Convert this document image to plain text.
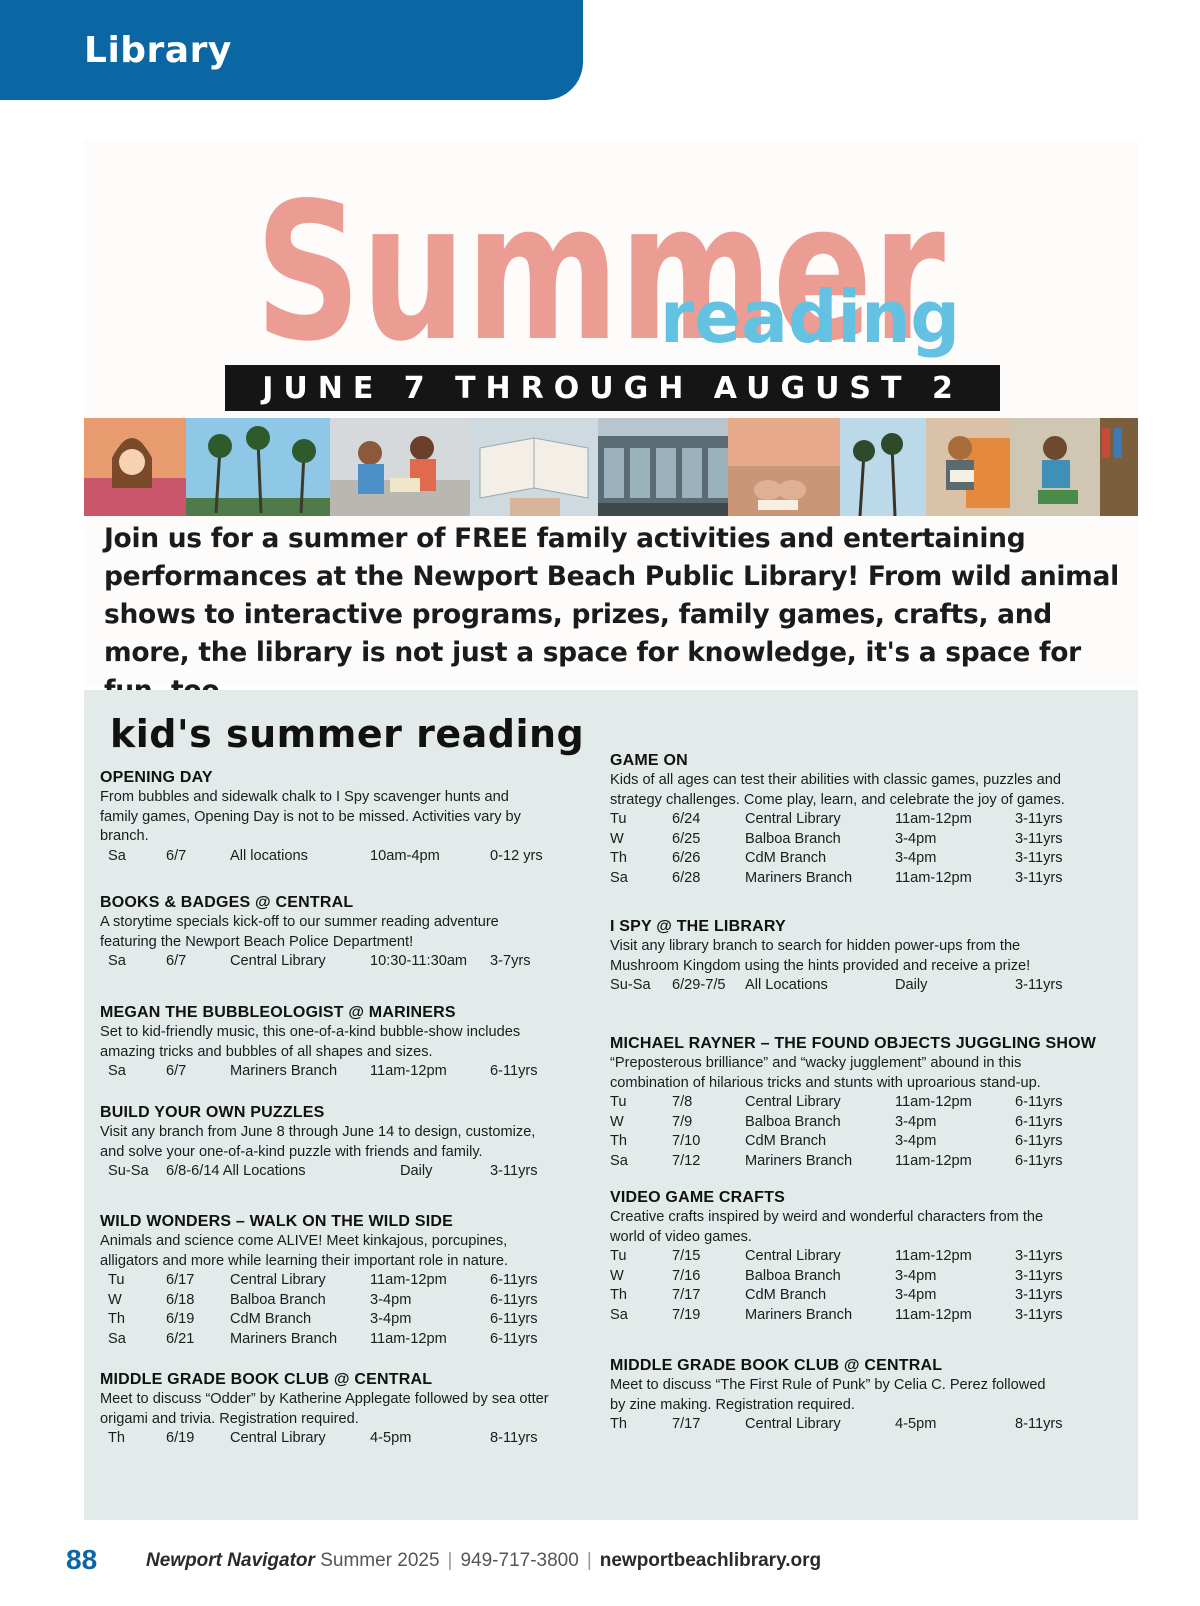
Library
Summer
reading
JUNE 7 THROUGH AUGUST 2
Join us for a summer of FREE family activities and entertaining performances at the Newport Beach Public Library! From wild animal shows to interactive programs, prizes, family games, crafts, and more, the library is not just a space for knowledge, it's a space for
kid's summer reading
OPENING DAY
From bubbles and sidewalk chalk to I Spy scavenger hunts and
family games, Opening Day is not to be missed. Activities vary by
branch.
Sa	6/7	All locations	10am-4pm	0-12 yrs
BOOKS & BADGES @ CENTRAL
A storytime specials kick-off to our summer reading adventure
featuring the Newport Beach Police Department!
Sa	6/7	Central Library	10:30-11:30am 3-7yrs
MEGAN THE BUBBLEOLOGIST @ MARINERS
Set to kid-friendly music, this one-of-a-kind bubble-show includes
amazing tricks and bubbles of all shapes and sizes.
Sa	6/7	Mariners Branch 11am-12pm	6-11yrs
BUILD YOUR OWN PUZZLES
Visit any branch from June 8 through June 14 to design, customize,
and solve your one-of-a-kind puzzle with friends and family.
Su-Sa 6/8-6/14 All Locations	Daily	3-11yrs
WILD WONDERS – WALK ON THE WILD SIDE
Animals and science come ALIVE! Meet kinkajous, porcupines,
alligators and more while learning their important role in nature.
Tu	6/17 Central Library	11am-12pm	6-11yrs
W	6/18 Balboa Branch	3-4pm	6-11yrs
Th	6/19 CdM Branch	3-4pm	6-11yrs
Sa	6/21 Mariners Branch 11am-12pm	6-11yrs
MIDDLE GRADE BOOK CLUB @ CENTRAL
Meet to discuss “Odder” by Katherine Applegate followed by sea otter
origami and trivia. Registration required.
Th	6/19 Central Library	4-5pm	8-11yrs
GAME ON
Kids of all ages can test their abilities with classic games, puzzles and
strategy challenges. Come play, learn, and celebrate the joy of games.
Tu	6/24	Central Library	11am-12pm	3-11yrs
W	6/25	Balboa Branch	3-4pm	3-11yrs
Th	6/26	CdM Branch	3-4pm	3-11yrs
Sa	6/28	Mariners Branch	11am-12pm	3-11yrs
I SPY @ THE LIBRARY
Visit any library branch to search for hidden power-ups from the
Mushroom Kingdom using the hints provided and receive a prize!
Su-Sa 6/29-7/5 All Locations	Daily	3-11yrs
MICHAEL RAYNER – THE FOUND OBJECTS JUGGLING SHOW
“Preposterous brilliance” and “wacky jugglement” abound in this
combination of hilarious tricks and stunts with uproarious stand-up.
Tu	7/8	Central Library	11am-12pm	6-11yrs
W	7/9	Balboa Branch	3-4pm	6-11yrs
Th	7/10	CdM Branch	3-4pm	6-11yrs
Sa	7/12	Mariners Branch	11am-12pm	6-11yrs
VIDEO GAME CRAFTS
Creative crafts inspired by weird and wonderful characters from the
world of video games.
Tu	7/15	Central Library	11am-12pm	3-11yrs
W	7/16	Balboa Branch	3-4pm	3-11yrs
Th	7/17	CdM Branch	3-4pm	3-11yrs
Sa	7/19	Mariners Branch	11am-12pm	3-11yrs
MIDDLE GRADE BOOK CLUB @ CENTRAL
Meet to discuss “The First Rule of Punk” by Celia C. Perez followed
by zine making. Registration required.
Th	7/17	Central Library	4-5pm	8-11yrs
88	Newport Navigator Summer 2025 | 949-717-3800 | newportbeachlibrary.org
